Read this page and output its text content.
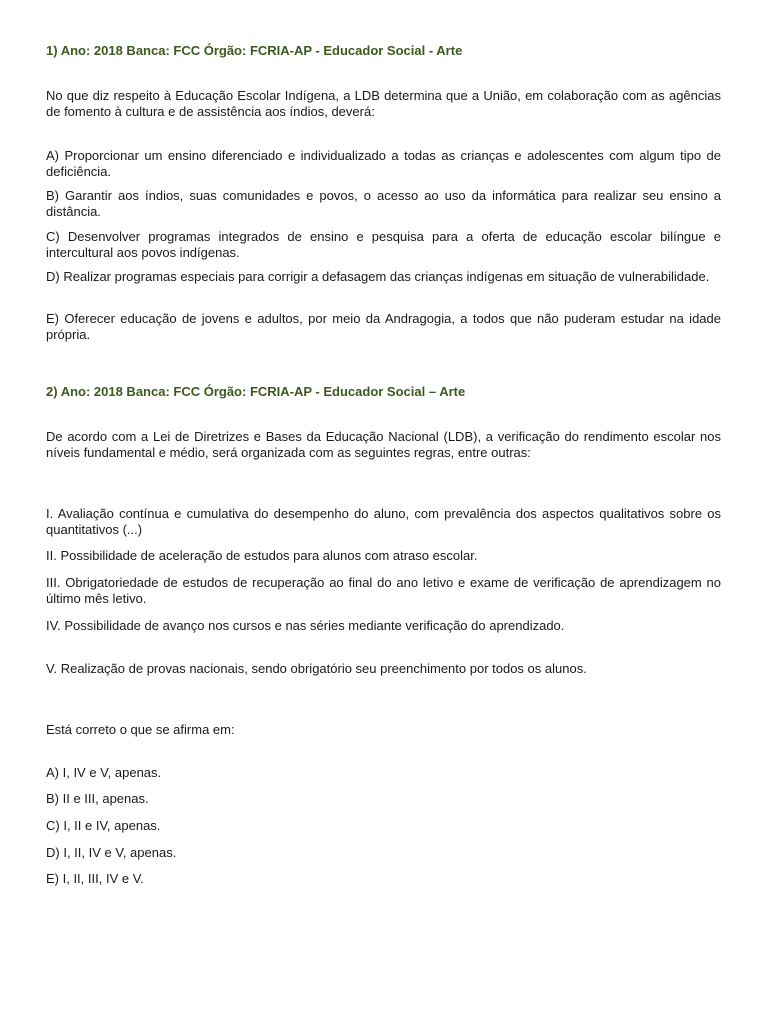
1) Ano: 2018 Banca: FCC Órgão: FCRIA-AP - Educador Social - Arte

No que diz respeito à Educação Escolar Indígena, a LDB determina que a União, em colaboração com as agências de fomento à cultura e de assistência aos índios, deverá:

A) Proporcionar um ensino diferenciado e individualizado a todas as crianças e adolescentes com algum tipo de deficiência.

B) Garantir aos índios, suas comunidades e povos, o acesso ao uso da informática para realizar seu ensino a distância.

C) Desenvolver programas integrados de ensino e pesquisa para a oferta de educação escolar bilíngue e intercultural aos povos indígenas.

D) Realizar programas especiais para corrigir a defasagem das crianças indígenas em situação de vulnerabilidade.

E) Oferecer educação de jovens e adultos, por meio da Andragogia, a todos que não puderam estudar na idade própria.

2) Ano: 2018 Banca: FCC Órgão: FCRIA-AP - Educador Social – Arte

De acordo com a Lei de Diretrizes e Bases da Educação Nacional (LDB), a verificação do rendimento escolar nos níveis fundamental e médio, será organizada com as seguintes regras, entre outras:

I. Avaliação contínua e cumulativa do desempenho do aluno, com prevalência dos aspectos qualitativos sobre os quantitativos (...)

II. Possibilidade de aceleração de estudos para alunos com atraso escolar.

III. Obrigatoriedade de estudos de recuperação ao final do ano letivo e exame de verificação de aprendizagem no último mês letivo.

IV. Possibilidade de avanço nos cursos e nas séries mediante verificação do aprendizado.

V. Realização de provas nacionais, sendo obrigatório seu preenchimento por todos os alunos.

Está correto o que se afirma em:

A) I, IV e V, apenas.

B) II e III, apenas.

C) I, II e IV, apenas.

D) I, II, IV e V, apenas.

E) I, II, III, IV e V.
